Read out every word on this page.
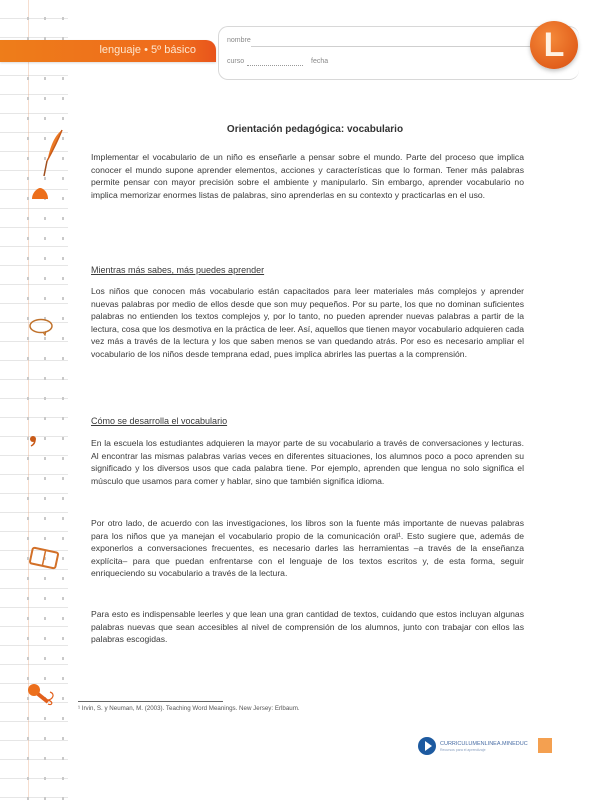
lenguaje • 5º básico
nombre
curso	fecha	L
Orientación pedagógica: vocabulario

Implementar el vocabulario de un niño es enseñarle a pensar sobre el mundo. Parte del proceso que implica conocer el mundo supone aprender elementos, acciones y características que lo forman. Tener más palabras permite pensar con mayor precisión sobre el ambiente y manipularlo. Sin embargo, aprender vocabulario no implica memorizar enormes listas de palabras, sino aprenderlas en su contexto y practicarlas en el uso.

Mientras más sabes, más puedes aprender

Los niños que conocen más vocabulario están capacitados para leer materiales más complejos y aprender nuevas palabras por medio de ellos desde que son muy pequeños. Por su parte, los que no dominan suficientes palabras no entienden los textos complejos y, por lo tanto, no pueden aprender nuevas palabras a partir de la lectura, cosa que los desmotiva en la práctica de leer. Así, aquellos que tienen mayor vocabulario adquieren cada vez más a través de la lectura y los que saben menos se van quedando atrás. Por eso es necesario ampliar el vocabulario de los niños desde temprana edad, pues implica abrirles las puertas a la comprensión.

Cómo se desarrolla el vocabulario

En la escuela los estudiantes adquieren la mayor parte de su vocabulario a través de conversaciones y lecturas. Al encontrar las mismas palabras varias veces en diferentes situaciones, los alumnos poco a poco aprenden su significado y los diversos usos que cada palabra tiene. Por ejemplo, aprenden que lengua no solo significa el músculo que usamos para comer y hablar, sino que también significa idioma.

Por otro lado, de acuerdo con las investigaciones, los libros son la fuente más importante de nuevas palabras para los niños que ya manejan el vocabulario propio de la comunicación oral¹. Esto sugiere que, además de exponerlos a conversaciones frecuentes, es necesario darles las herramientas –a través de la enseñanza explícita– para que puedan enfrentarse con el lenguaje de los textos escritos y, de esta forma, seguir enriqueciendo su vocabulario a través de la lectura.

Para esto es indispensable leerles y que lean una gran cantidad de textos, cuidando que estos incluyan algunas palabras nuevas que sean accesibles al nivel de comprensión de los alumnos, junto con trabajar con ellos las palabras escogidas.

¹ Irvin, S. y Neuman, M. (2003). Teaching Word Meanings. New Jersey: Erlbaum.
CURRICULUMENLINEA.MINEDUC
Recursos para el aprendizaje
